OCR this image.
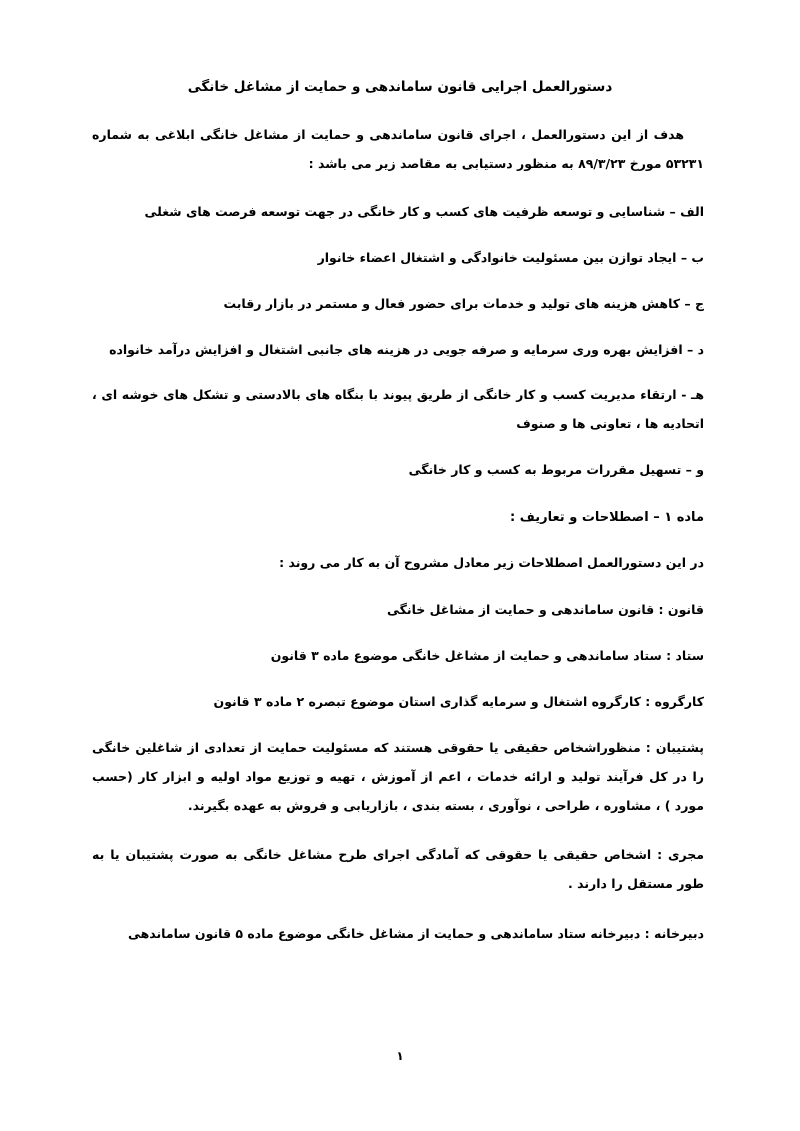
دستورالعمل اجرایی قانون ساماندهی و حمایت از مشاغل خانگی
هدف از این دستورالعمل ، اجرای قانون ساماندهی و حمایت از مشاغل خانگی ابلاغی به شماره ۵۳۲۳۱ مورخ ۸۹/۳/۲۳ به منظور دستیابی به مقاصد زیر می باشد :
الف – شناسایی و توسعه ظرفیت های کسب و کار خانگی در جهت توسعه فرصت های شغلی
ب – ایجاد توازن بین مسئولیت خانوادگی و اشتغال اعضاء خانوار
ج – کاهش هزینه های تولید و خدمات برای حضور فعال و مستمر در بازار رقابت
د – افزایش بهره وری سرمایه و صرفه جویی در هزینه های جانبی اشتغال و افزایش درآمد خانواده
هـ - ارتقاء مدیریت کسب و کار خانگی از طریق پیوند با بنگاه های بالادستی و تشکل های خوشه ای ، اتحادیه ها ، تعاونی ها و صنوف
و – تسهیل مقررات مربوط به کسب و کار خانگی
ماده ۱ – اصطلاحات و تعاریف :
در این دستورالعمل اصطلاحات زیر معادل مشروح آن به کار می روند :
قانون : قانون ساماندهی و حمایت از مشاغل خانگی
ستاد : ستاد ساماندهی و حمایت از مشاغل خانگی موضوع ماده ۳ قانون
کارگروه : کارگروه اشتغال و سرمایه گذاری استان موضوع تبصره ۲ ماده ۳ قانون
پشتیبان : منظوراشخاص حقیقی یا حقوقی هستند که مسئولیت حمایت از تعدادی از شاغلین خانگی را در کل فرآیند تولید و ارائه خدمات ، اعم از آموزش ، تهیه و توزیع مواد اولیه و ابزار کار (حسب مورد ) ، مشاوره ، طراحی ، نوآوری ، بسته بندی ، بازاریابی و فروش به عهده بگیرند.
مجری : اشخاص حقیقی یا حقوقی که آمادگی اجرای طرح مشاغل خانگی به صورت پشتیبان یا به طور مستقل را دارند .
دبیرخانه : دبیرخانه ستاد ساماندهی و حمایت از مشاغل خانگی موضوع ماده ۵ قانون ساماندهی
۱
